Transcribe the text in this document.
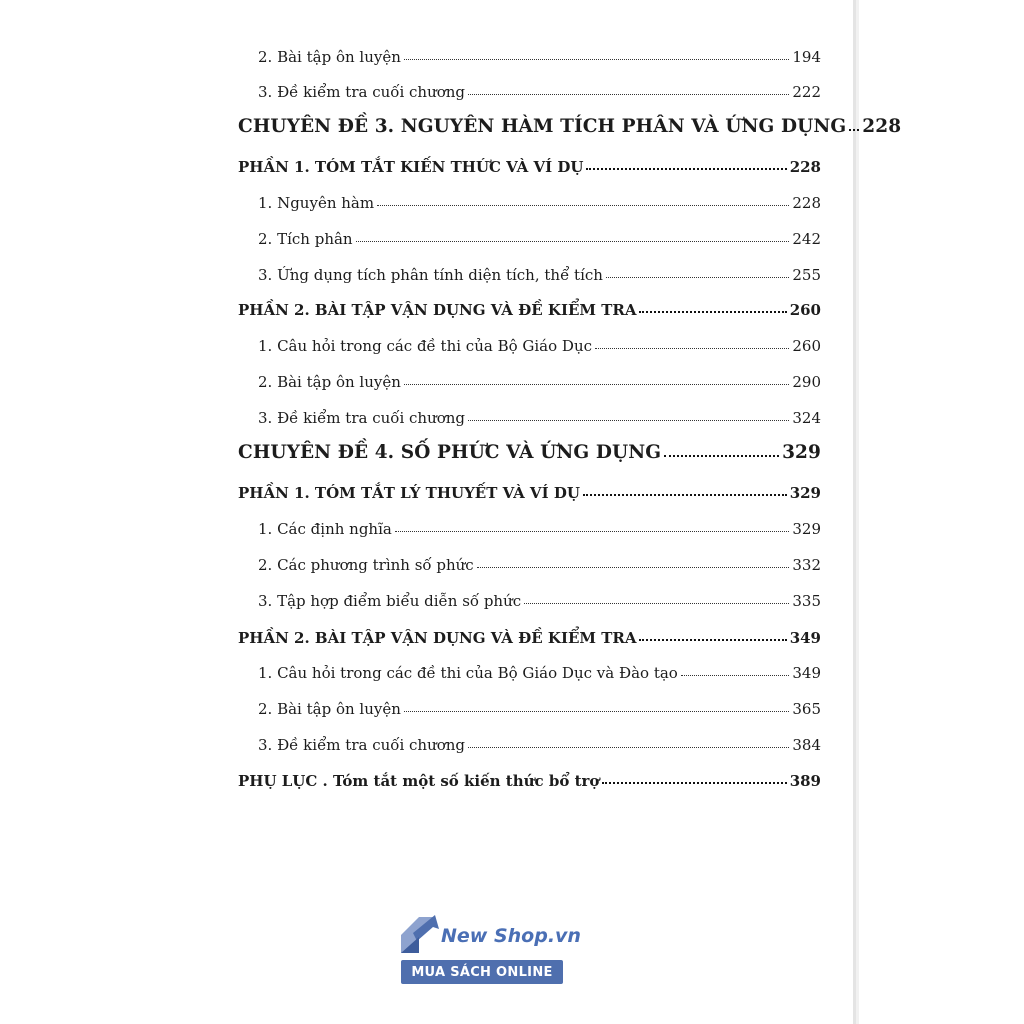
2. Bài tập ôn luyện	194
3. Đề kiểm tra cuối chương	222
CHUYÊN ĐỀ 3. NGUYÊN HÀM TÍCH PHÂN VÀ ỨNG DỤNG 228
PHẦN 1. TÓM TẮT KIẾN THỨC VÀ VÍ DỤ	228
1. Nguyên hàm	228
2. Tích phân	242
3. Ứng dụng tích phân tính diện tích, thể tích	255
PHẦN 2. BÀI TẬP VẬN DỤNG VÀ ĐỀ KIỂM TRA	260
1. Câu hỏi trong các đề thi của Bộ Giáo Dục	260
2. Bài tập ôn luyện	290
3. Đề kiểm tra cuối chương	324
CHUYÊN ĐỀ 4. SỐ PHỨC VÀ ỨNG DỤNG	329
PHẦN 1. TÓM TẮT LÝ THUYẾT VÀ VÍ DỤ	329
1. Các định nghĩa	329
2. Các phương trình số phức	332
3. Tập hợp điểm biểu diễn số phức	335
PHẦN 2. BÀI TẬP VẬN DỤNG VÀ ĐỀ KIỂM TRA	349
1. Câu hỏi trong các đề thi của Bộ Giáo Dục và Đào tạo	349
2. Bài tập ôn luyện	365
3. Đề kiểm tra cuối chương	384
PHỤ LỤC . Tóm tắt một số kiến thức bổ trợ	389
New Shop.vn
MUA SÁCH ONLINE
